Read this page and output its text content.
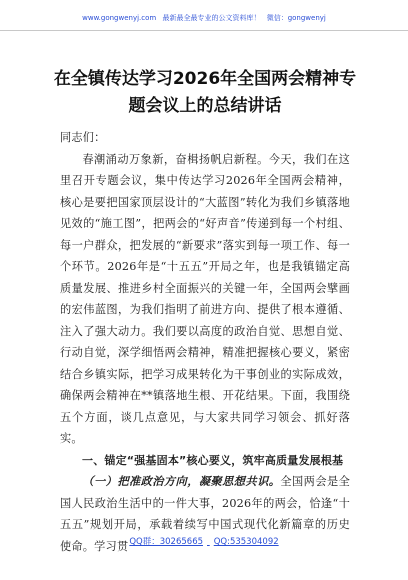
www.gongwenyj.com 最新最全最专业的公文资料库！ 微信：gongwenyj
在全镇传达学习2026年全国两会精神专题会议上的总结讲话

同志们：

春潮涌动万象新，奋楫扬帆启新程。今天，我们在这里召开专题会议，集中传达学习2026年全国两会精神，核心是要把国家顶层设计的“大蓝图”转化为我们乡镇落地见效的“施工图”，把两会的“好声音”传递到每一个村组、每一户群众，把发展的“新要求”落实到每一项工作、每一个环节。2026年是“十五五”开局之年，也是我镇锚定高质量发展、推进乡村全面振兴的关键一年，全国两会擘画的宏伟蓝图，为我们指明了前进方向、提供了根本遵循、注入了强大动力。我们要以高度的政治自觉、思想自觉、行动自觉，深学细悟两会精神，精准把握核心要义，紧密结合乡镇实际，把学习成果转化为干事创业的实际成效，确保两会精神在**镇落地生根、开花结果。下面，我围绕五个方面，谈几点意见，与大家共同学习领会、抓好落实。

一、锚定“强基固本”核心要义，筑牢高质量发展根基

（一）把准政治方向，凝聚思想共识。全国两会是全国人民政治生活中的一件大事，2026年的两会，恰逢“十五五”规划开局，承载着续写中国式现代化新篇章的历史使命。学习贯 QQ群：30265665 QQ:535304092
